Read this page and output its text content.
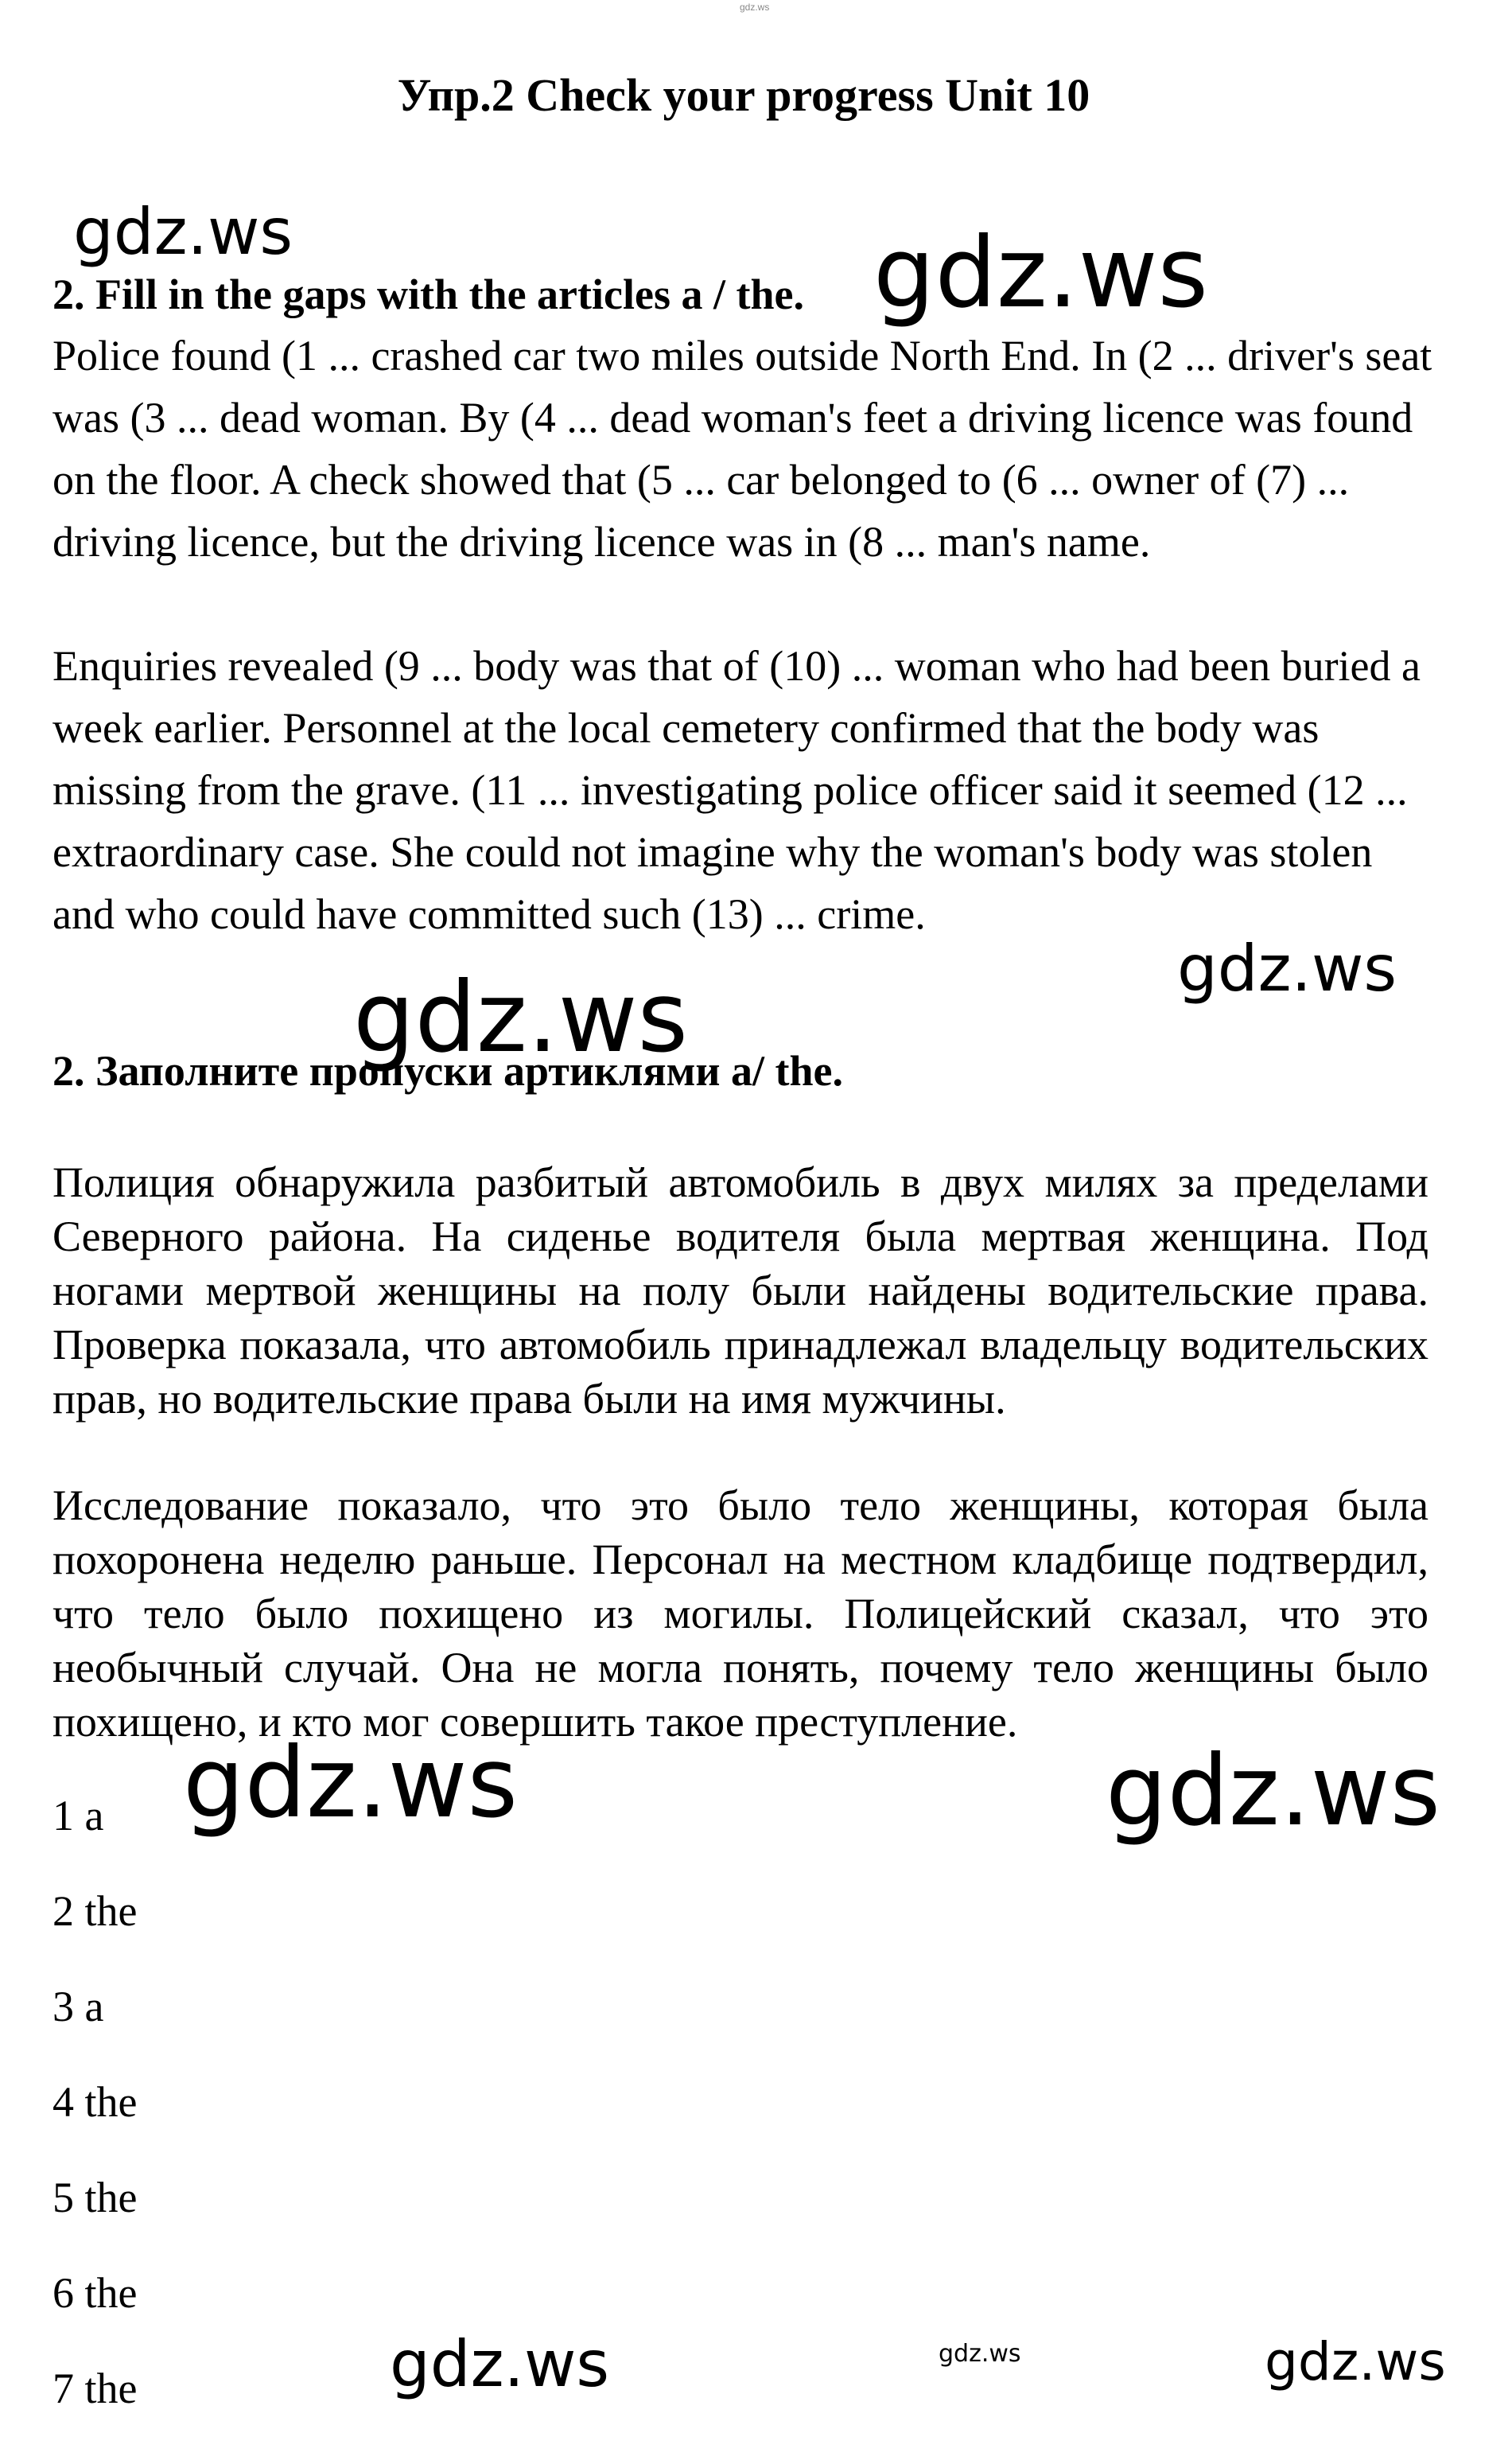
gdz.ws
Упр.2 Check your progress Unit 10
gdz.ws
2. Fill in the gaps with the articles a / the. gdz.ws
Police found (1 ... crashed car two miles outside North End. In (2 ... driver's seat was (3 ... dead woman. By (4 ... dead woman's feet a driving licence was found on the floor. A check showed that (5 ... car belonged to (6 ... owner of (7) ... driving licence, but the driving licence was in (8 ... man's name.
Enquiries revealed (9 ... body was that of (10) ... woman who had been buried a week earlier. Personnel at the local cemetery confirmed that the body was missing from the grave. (11 ... investigating police officer said it seemed (12 ... extraordinary case. She could not imagine why the woman's body was stolen and who could have committed such (13) ... crime.
gdz.ws
gdz.ws
2. Заполните пропуски артиклями a/ the.
Полиция обнаружила разбитый автомобиль в двух милях за пределами Северного района. На сиденье водителя была мертвая женщина. Под ногами мертвой женщины на полу были найдены водительские права. Проверка показала, что автомобиль принадлежал владельцу водительских прав, но водительские права были на имя мужчины.
Исследование показало, что это было тело женщины, которая была похоронена неделю раньше. Персонал на местном кладбище подтвердил, что тело было похищено из могилы. Полицейский сказал, что это необычный случай. Она не могла понять, почему тело женщины было похищено, и кто мог совершить такое преступление.
gdz.ws	gdz.ws
1 a
2 the
3 a
4 the
5 the
6 the
7 the	gdz.ws	gdz.ws	gdz.ws
